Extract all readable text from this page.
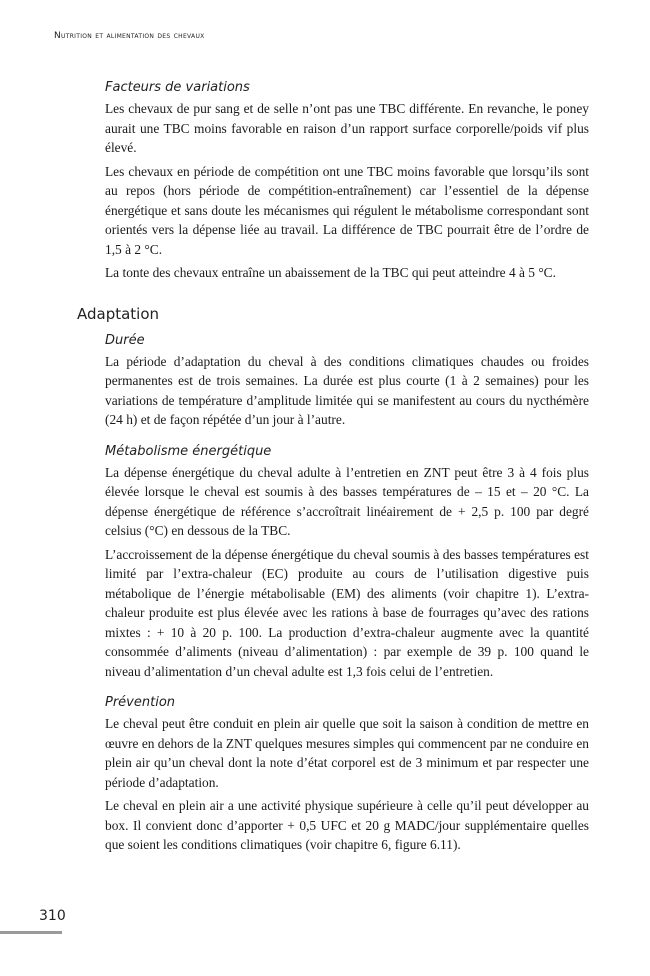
Nutrition et alimentation des chevaux
Facteurs de variations

Les chevaux de pur sang et de selle n’ont pas une TBC différente. En revanche, le poney aurait une TBC moins favorable en raison d’un rapport surface corporelle/poids vif plus élevé.

Les chevaux en période de compétition ont une TBC moins favorable que lorsqu’ils sont au repos (hors période de compétition-entraînement) car l’essentiel de la dépense énergétique et sans doute les mécanismes qui régulent le métabolisme correspondant sont orientés vers la dépense liée au travail. La différence de TBC pourrait être de l’ordre de 1,5 à 2 °C.

La tonte des chevaux entraîne un abaissement de la TBC qui peut atteindre 4 à 5 °C.

Adaptation
Durée

La période d’adaptation du cheval à des conditions climatiques chaudes ou froides permanentes est de trois semaines. La durée est plus courte (1 à 2 semaines) pour les variations de température d’amplitude limitée qui se manifestent au cours du nycthémère (24 h) et de façon répétée d’un jour à l’autre.

Métabolisme énergétique

La dépense énergétique du cheval adulte à l’entretien en ZNT peut être 3 à 4 fois plus élevée lorsque le cheval est soumis à des basses températures de – 15 et – 20 °C. La dépense énergétique de référence s’accroîtrait linéairement de + 2,5 p. 100 par degré celsius (°C) en dessous de la TBC.

L’accroissement de la dépense énergétique du cheval soumis à des basses températures est limité par l’extra-chaleur (EC) produite au cours de l’utilisation digestive puis métabolique de l’énergie métabolisable (EM) des aliments (voir chapitre 1). L’extra-chaleur produite est plus élevée avec les rations à base de fourrages qu’avec des rations mixtes : + 10 à 20 p. 100. La production d’extra-chaleur augmente avec la quantité consommée d’aliments (niveau d’alimentation) : par exemple de 39 p. 100 quand le niveau d’alimentation d’un cheval adulte est 1,3 fois celui de l’entretien.

Prévention

Le cheval peut être conduit en plein air quelle que soit la saison à condition de mettre en œuvre en dehors de la ZNT quelques mesures simples qui commencent par ne conduire en plein air qu’un cheval dont la note d’état corporel est de 3 minimum et par respecter une période d’adaptation.

Le cheval en plein air a une activité physique supérieure à celle qu’il peut développer au box. Il convient donc d’apporter + 0,5 UFC et 20 g MADC/jour supplémentaire quelles que soient les conditions climatiques (voir chapitre 6, figure 6.11).

310
